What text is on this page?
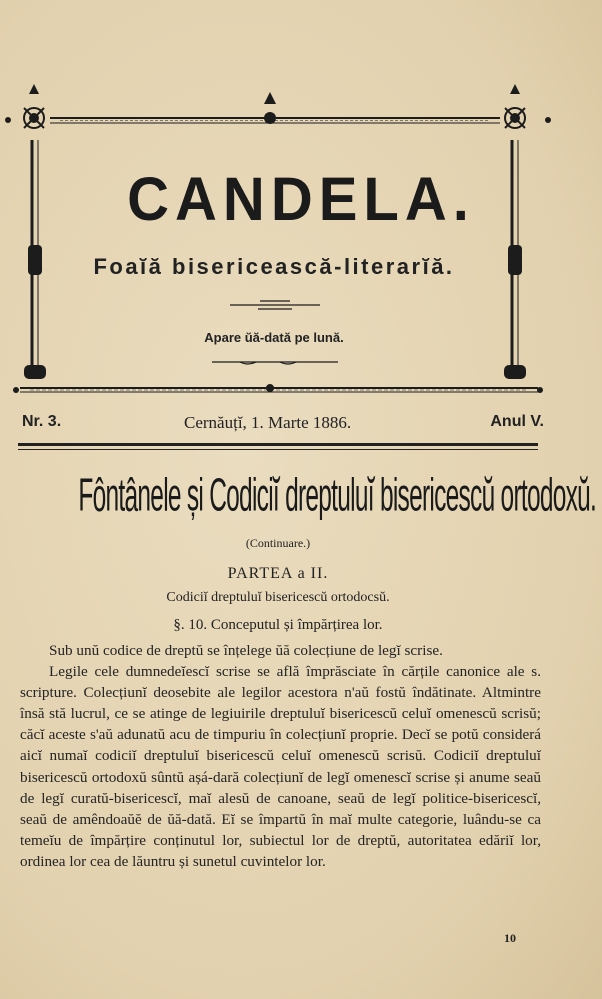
CANDELA.
Foaĭă bisericească-literarĭă.
Apare ŭă-dată pe lună.
Nr. 3.	Cernăuțĭ, 1. Marte 1886.	Anul V.
Fôntânele și Codiciĭ dreptuluĭ bisericescŭ ortodoxŭ.
(Continuare.)
PARTEA a II.
Codiciĭ dreptuluĭ bisericescŭ ortodocsŭ.
§. 10. Conceputul și împărțirea lor.

Sub unŭ codice de dreptŭ se înțelege ŭă colecțiune de legĭ scrise.

Legile cele dumnedeĭescĭ scrise se află împrăsciate în cărțile canonice ale s. scripture. Colecțiunĭ deosebite ale legilor acestora n'aŭ fostŭ îndătinate. Altmintre însă stă lucrul, ce se atinge de legiuirile dreptuluĭ bisericescŭ celuĭ omenescŭ scrisŭ; căcĭ aceste s'aŭ adunatŭ acu de timpuriu în colecțiunĭ proprie. Decĭ se potŭ considerá aicĭ numaĭ codiciĭ dreptuluĭ bisericescŭ celuĭ omenescŭ scrisŭ. Codiciĭ dreptuluĭ bisericescŭ ortodoxŭ sûntŭ așá-dară colecțiunĭ de legĭ omenescĭ scrise și anume seaŭ de legĭ curatŭ-bisericescĭ, maĭ alesŭ de canoane, seaŭ de legĭ politice-bisericescĭ, seaŭ de amêndoaŭĕ de ŭă-dată. Eĭ se împartŭ în maĭ multe categorie, luându-se ca temeĭu de împărțire conținutul lor, subiectul lor de dreptŭ, autoritatea edăriĭ lor, ordinea lor cea de lăuntru și sunetul cuvintelor lor.

10
